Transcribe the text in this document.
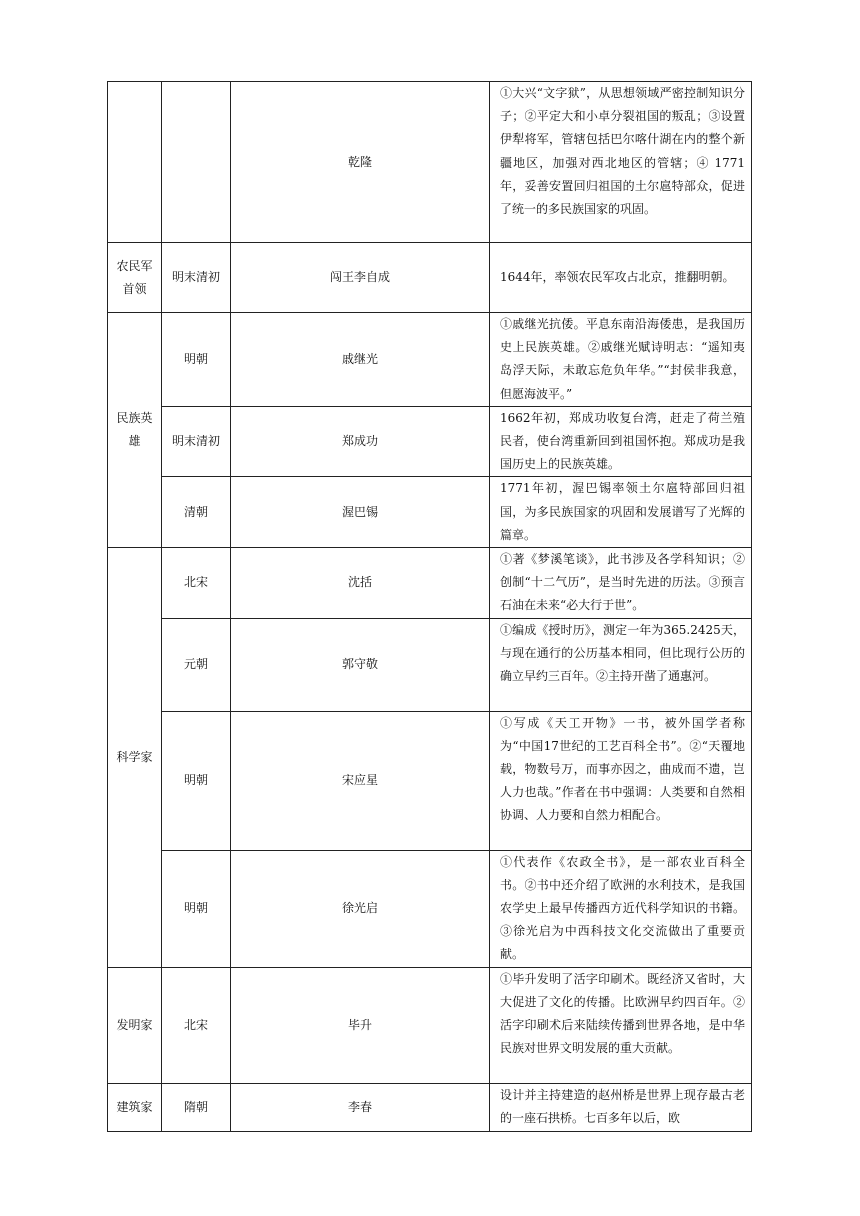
		乾隆	①大兴“文字狱”，从思想领域严密控制知识分子；②平定大和小卓分裂祖国的叛乱；③设置伊犁将军，管辖包括巴尔喀什湖在内的整个新疆地区，加强对西北地区的管辖；④ 1771年，妥善安置回归祖国的土尔扈特部众，促进了统一的多民族国家的巩固。
农民军首领	明末清初	闯王李自成	1644年，率领农民军攻占北京，推翻明朝。
民族英雄	明朝	戚继光	①戚继光抗倭。平息东南沿海倭患，是我国历史上民族英雄。②戚继光赋诗明志：“遥知夷岛浮天际，未敢忘危负年华。”“封侯非我意，但愿海波平。”
	明末清初	郑成功	1662年初，郑成功收复台湾，赶走了荷兰殖民者，使台湾重新回到祖国怀抱。郑成功是我国历史上的民族英雄。
	清朝	渥巴锡	1771年初，渥巴锡率领土尔扈特部回归祖国，为多民族国家的巩固和发展谱写了光辉的篇章。
科学家	北宋	沈括	①著《梦溪笔谈》，此书涉及各学科知识；②创制“十二气历”，是当时先进的历法。③预言石油在未来“必大行于世”。
	元朝	郭守敬	①编成《授时历》，测定一年为365.2425天，与现在通行的公历基本相同，但比现行公历的确立早约三百年。②主持开凿了通惠河。
	明朝	宋应星	①写成《天工开物》一书，被外国学者称为“中国17世纪的工艺百科全书”。②“天覆地载，物数号万，而事亦因之，曲成而不遗，岂人力也哉。”作者在书中强调：人类要和自然相协调、人力要和自然力相配合。
	明朝	徐光启	①代表作《农政全书》，是一部农业百科全书。②书中还介绍了欧洲的水利技术，是我国农学史上最早传播西方近代科学知识的书籍。③徐光启为中西科技文化交流做出了重要贡献。
发明家	北宋	毕升	①毕升发明了活字印刷术。既经济又省时，大大促进了文化的传播。比欧洲早约四百年。②活字印刷术后来陆续传播到世界各地，是中华民族对世界文明发展的重大贡献。
建筑家	隋朝	李春	设计并主持建造的赵州桥是世界上现存最古老的一座石拱桥。七百多年以后，欧
